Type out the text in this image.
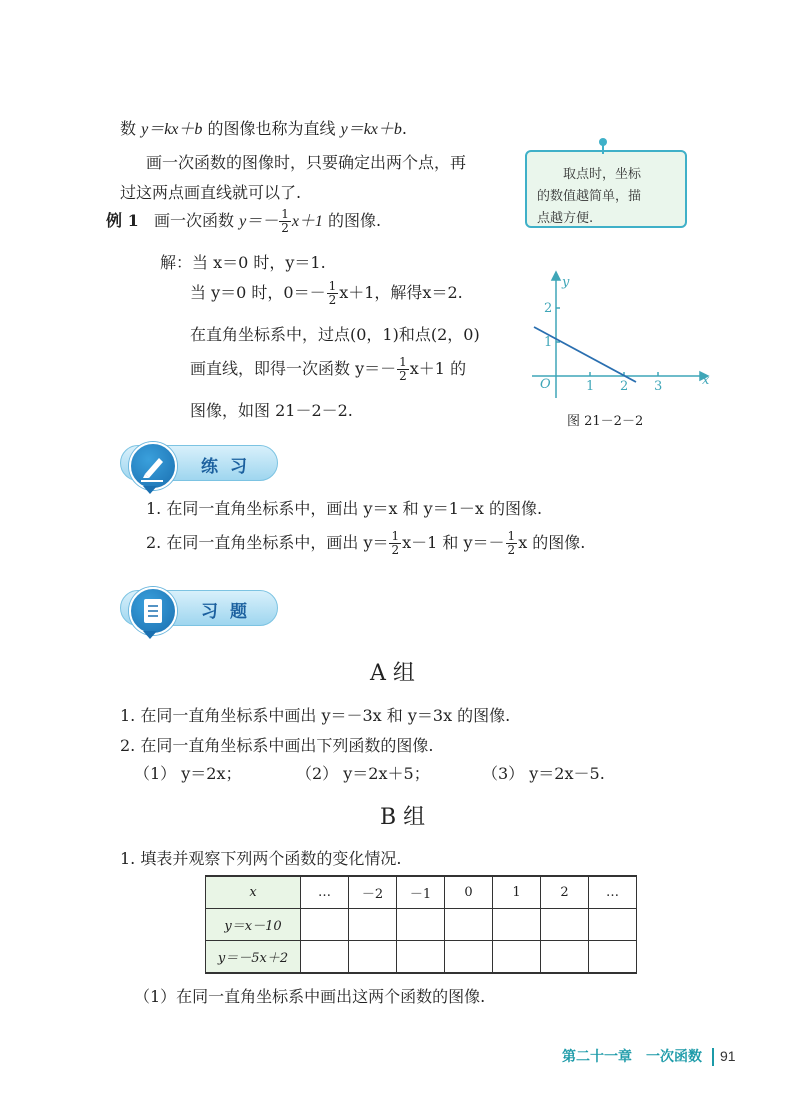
数 y＝kx＋b 的图像也称为直线 y＝kx＋b.
画一次函数的图像时，只要确定出两个点，再
过这两点画直线就可以了.
取点时，坐标
的数值越简单，描
点越方便.
例 1 画一次函数 $y=- \frac{1}{2} x+1$ 的图像.
解：当 x＝0 时，y＝1.
当 y＝0 时，$0=- \frac{1}{2} x+1$，解得x＝2.
在直角坐标系中，过点(0，1)和点(2，0)
画直线，即得一次函数 $y=- \frac{1}{2} x+1$ 的
图像，如图 21－2－2.
x
y
O	1 2 3
1
2
图 21－2－2
练习
1. 在同一直角坐标系中，画出 y＝x 和 y＝1－x 的图像.
2. 在同一直角坐标系中，画出 $y= \frac{1}{2} x-1$ 和 $y=- \frac{1}{2}$ x 的图像.
习题
A 组
1. 在同一直角坐标系中画出 y＝－3x 和 y＝3x 的图像.
2. 在同一直角坐标系中画出下列函数的图像.
（1） y＝2x；	（2） y＝2x＋5；	（3） y＝2x－5.
B 组
1. 填表并观察下列两个函数的变化情况.
x	…	－2	－1	0	1	2	…
y＝x－10							
y＝－5x＋2							
（1）在同一直角坐标系中画出这两个函数的图像.
第二十一章　一次函数 91
